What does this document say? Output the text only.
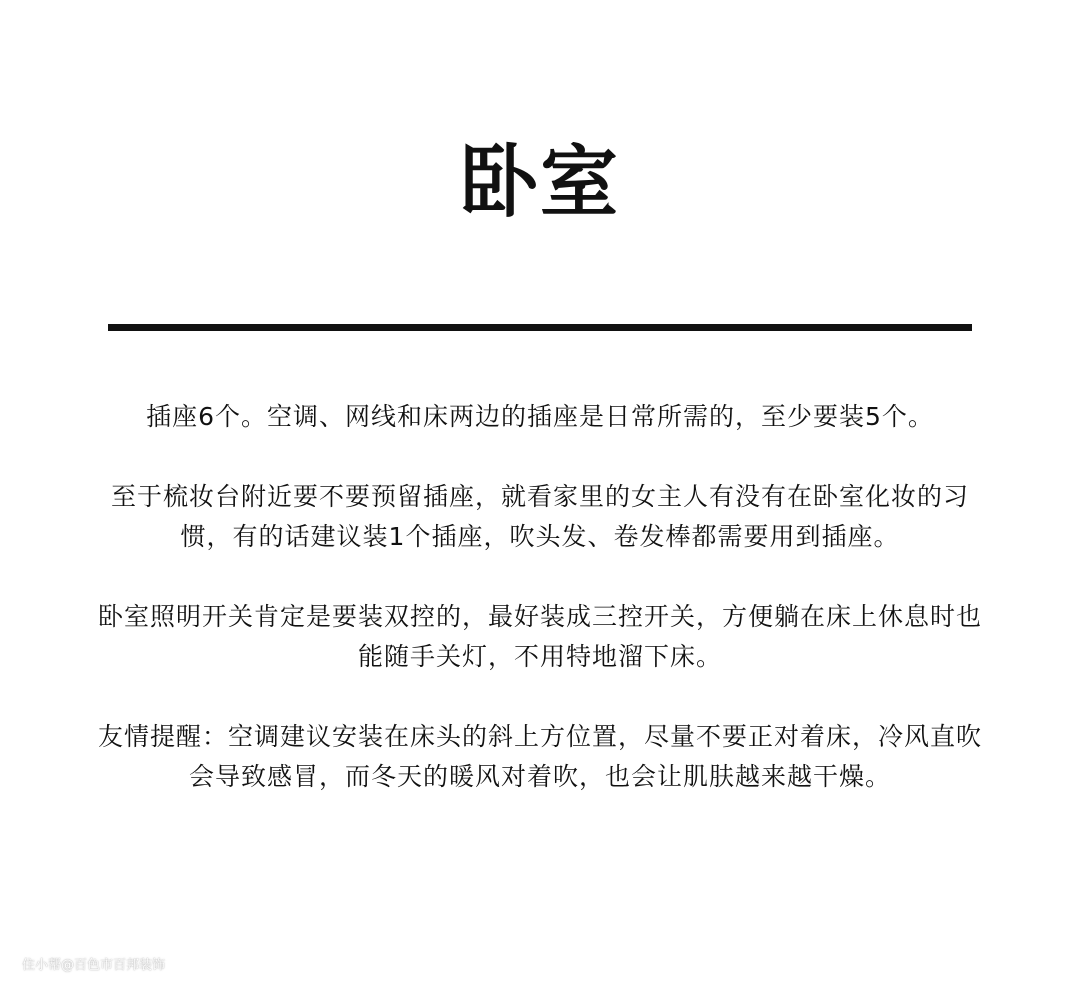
卧室

插座6个。空调、网线和床两边的插座是日常所需的，至少要装5个。

至于梳妆台附近要不要预留插座，就看家里的女主人有没有在卧室化妆的习
惯，有的话建议装1个插座，吹头发、卷发棒都需要用到插座。

卧室照明开关肯定是要装双控的，最好装成三控开关，方便躺在床上休息时也
能随手关灯，不用特地溜下床。

友情提醒：空调建议安装在床头的斜上方位置，尽量不要正对着床，冷风直吹
会导致感冒，而冬天的暖风对着吹，也会让肌肤越来越干燥。

住小帮@百色市百邦装饰
